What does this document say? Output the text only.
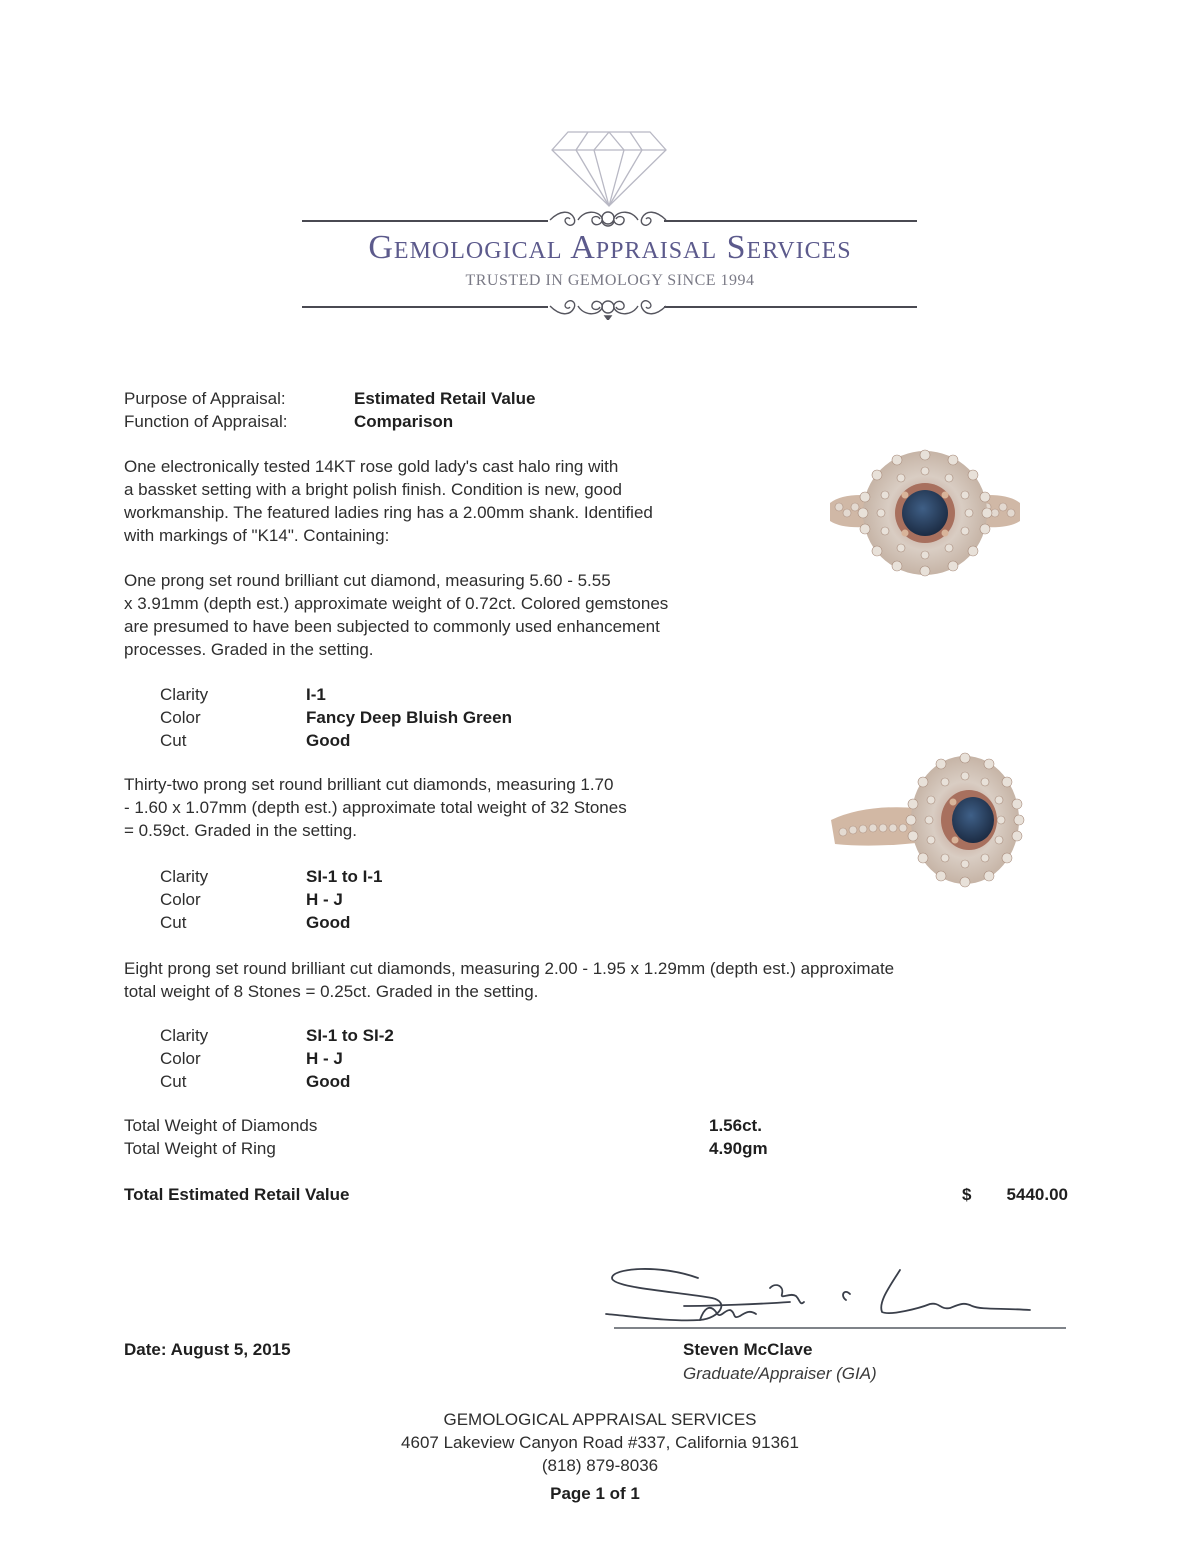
Gemological Appraisal Services
TRUSTED IN GEMOLOGY SINCE 1994
Purpose of Appraisal:	Estimated Retail Value
Function of Appraisal:	Comparison

One electronically tested 14KT rose gold lady's cast halo ring with

a bassket setting with a bright polish finish. Condition is new, good

workmanship. The featured ladies ring has a 2.00mm shank. Identified

with markings of "K14". Containing:

One prong set round brilliant cut diamond, measuring 5.60 - 5.55

x 3.91mm (depth est.) approximate weight of 0.72ct. Colored gemstones

are presumed to have been subjected to commonly used enhancement

processes. Graded in the setting.

Clarity	I-1
Color	Fancy Deep Bluish Green
Cut	Good

Thirty-two prong set round brilliant cut diamonds, measuring 1.70

- 1.60 x 1.07mm (depth est.) approximate total weight of 32 Stones

= 0.59ct. Graded in the setting.

Clarity	SI-1 to I-1
Color	H - J
Cut	Good

Eight prong set round brilliant cut diamonds, measuring 2.00 - 1.95 x 1.29mm (depth est.) approximate

total weight of 8 Stones = 0.25ct. Graded in the setting.

Clarity	SI-1 to SI-2
Color	H - J
Cut	Good
Total Weight of Diamonds	1.56ct.
Total Weight of Ring	4.90gm
Total Estimated Retail Value	$ 5440.00
Date: August 5, 2015	Steven McClave
Graduate/Appraiser (GIA)
GEMOLOGICAL APPRAISAL SERVICES
4607 Lakeview Canyon Road #337, California 91361
(818) 879-8036
Page 1 of 1
